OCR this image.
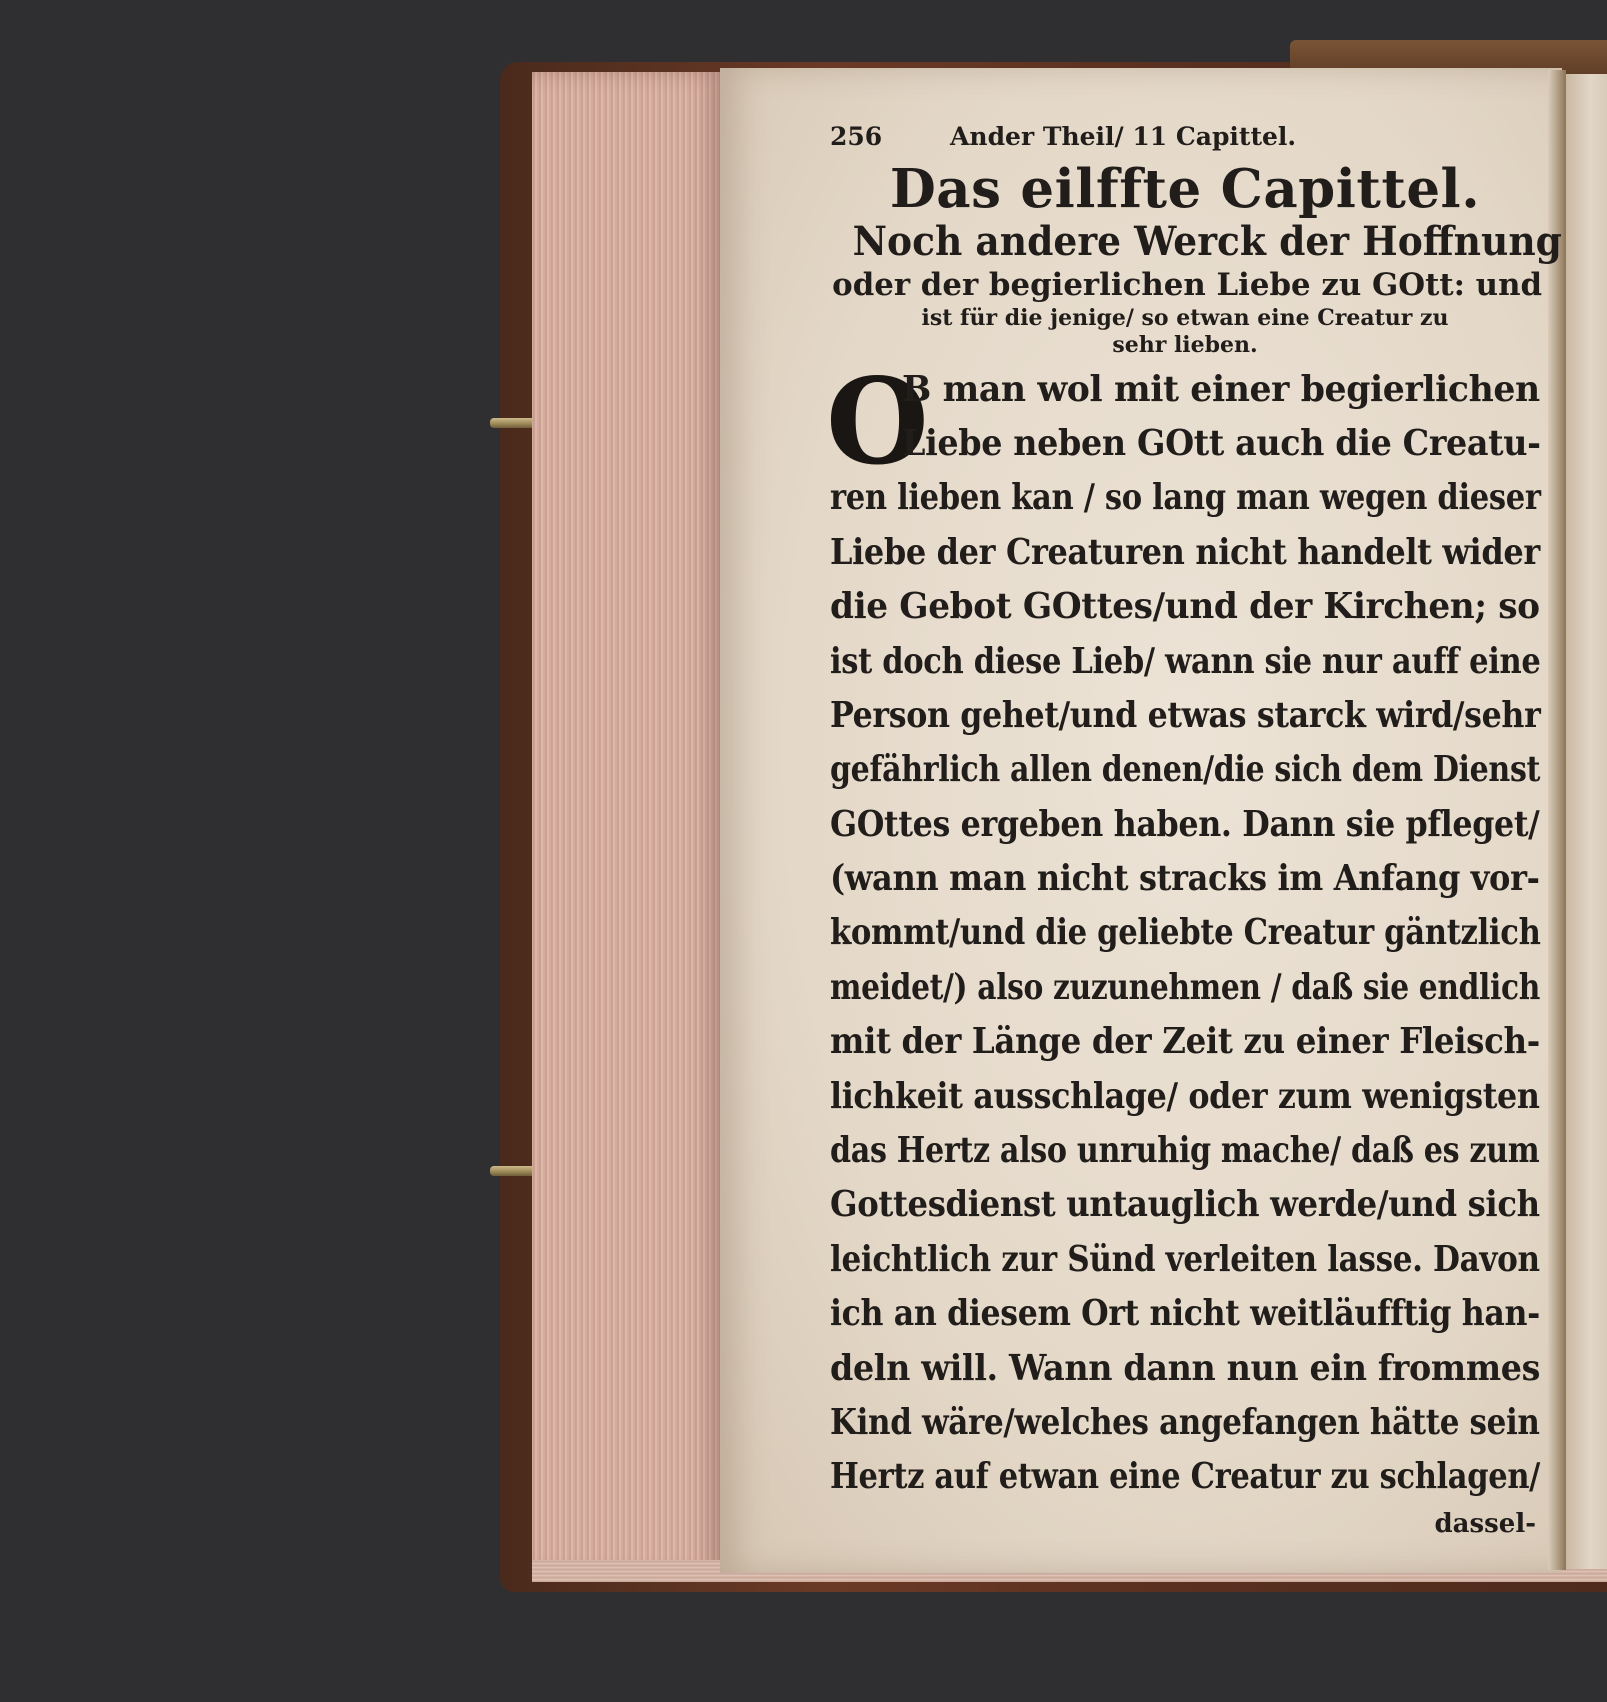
256	Ander Theil/ 11 Capittel.
Das eilffte Capittel.
Noch andere Werck der Hoffnung
oder der begierlichen Liebe zu GOtt: und
ist für die jenige/ so etwan eine Creatur zu
sehr lieben.
O
B man wol mit einer begierlichen
Liebe neben GOtt auch die Creatu-
ren lieben kan / so lang man wegen dieser
Liebe der Creaturen nicht handelt wider
die Gebot GOttes/und der Kirchen; so
ist doch diese Lieb/ wann sie nur auff eine
Person gehet/und etwas starck wird/sehr
gefährlich allen denen/die sich dem Dienst
GOttes ergeben haben. Dann sie pfleget/
(wann man nicht stracks im Anfang vor-
kommt/und die geliebte Creatur gäntzlich
meidet/) also zuzunehmen / daß sie endlich
mit der Länge der Zeit zu einer Fleisch-
lichkeit ausschlage/ oder zum wenigsten
das Hertz also unruhig mache/ daß es zum
Gottesdienst untauglich werde/und sich
leichtlich zur Sünd verleiten lasse. Davon
ich an diesem Ort nicht weitläufftig han-
deln will. Wann dann nun ein frommes
Kind wäre/welches angefangen hätte sein
Hertz auf etwan eine Creatur zu schlagen/
dassel-
